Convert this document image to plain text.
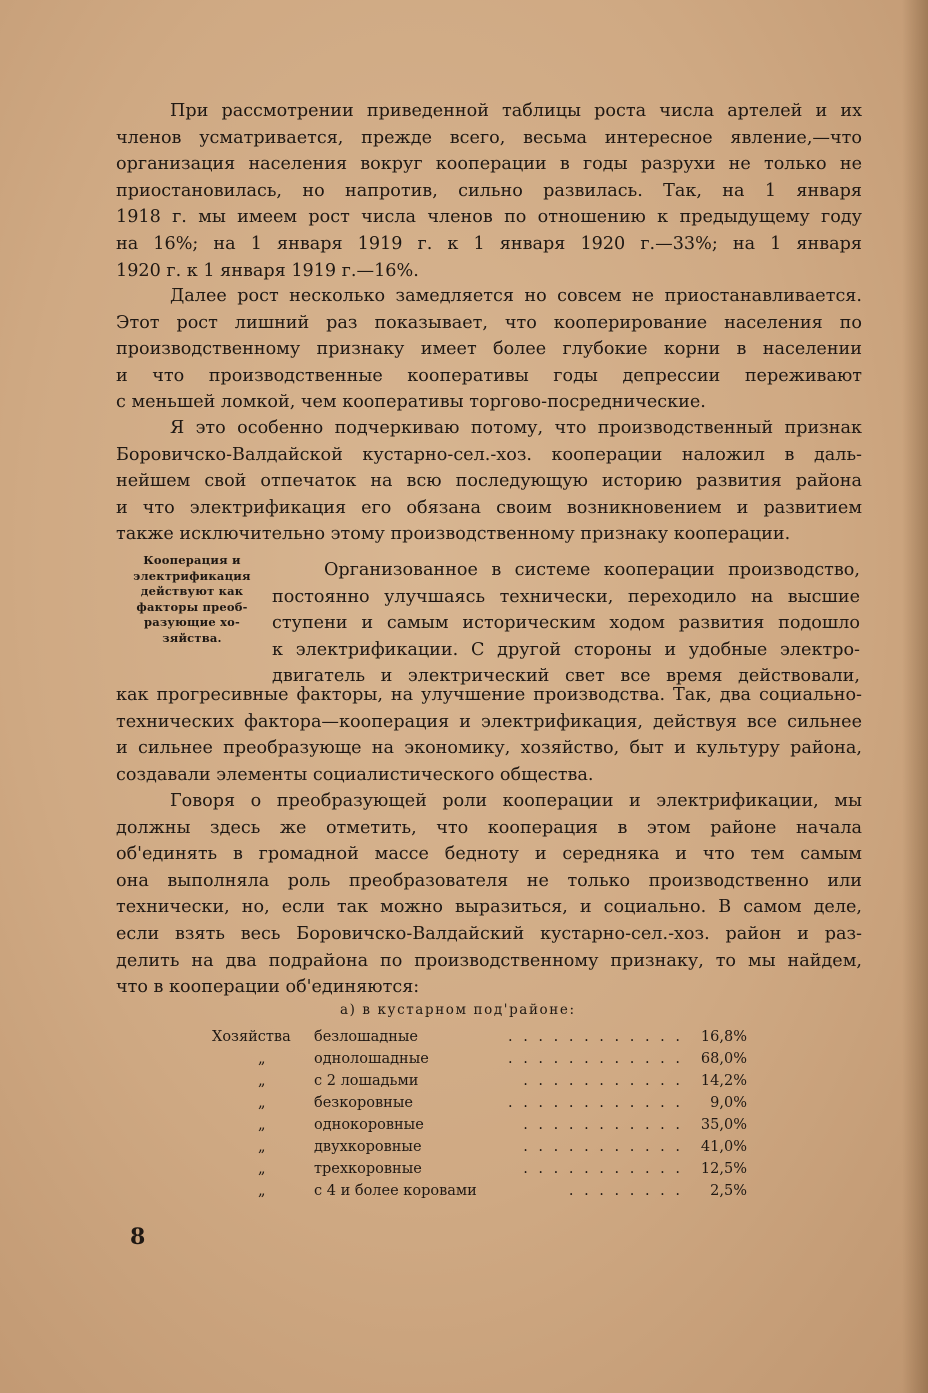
При рассмотрении приведенной таблицы роста числа артелей и их
членов усматривается, прежде всего, весьма интересное явление,—что
организация населения вокруг кооперации в годы разрухи не только не
приостановилась, но напротив, сильно развилась. Так, на 1 января
1918 г. мы имеем рост числа членов по отношению к предыдущему году
на 16%; на 1 января 1919 г. к 1 января 1920 г.—33%; на 1 января
1920 г. к 1 января 1919 г.—16%.
Далее рост несколько замедляется но совсем не приостанавливается.
Этот рост лишний раз показывает, что кооперирование населения по
производственному признаку имеет более глубокие корни в населении
и что производственные кооперативы годы депрессии переживают
с меньшей ломкой, чем кооперативы торгово-посреднические.
Я это особенно подчеркиваю потому, что производственный признак
Боровичско-Валдайской кустарно-сел.-хоз. кооперации наложил в даль-
нейшем свой отпечаток на всю последующую историю развития района
и что электрификация его обязана своим возникновением и развитием
также исключительно этому производственному признаку кооперации.
Кооперация и
электрификация
действуют как
факторы преоб-
разующие хо-
зяйства.
Организованное в системе кооперации производство,
постоянно улучшаясь технически, переходило на высшие
ступени и самым историческим ходом развития подошло
к электрификации. С другой стороны и удобные электро-
двигатель и электрический свет все время действовали,
как прогресивные факторы, на улучшение производства. Так, два социально-
технических фактора—кооперация и электрификация, действуя все сильнее
и сильнее преобразующе на экономику, хозяйство, быт и культуру района,
создавали элементы социалистического общества.
Говоря о преобразующей роли кооперации и электрификации, мы
должны здесь же отметить, что кооперация в этом районе начала
об'единять в громадной массе бедноту и середняка и что тем самым
она выполняла роль преобразователя не только производственно или
технически, но, если так можно выразиться, и социально. В самом деле,
если взять весь Боровичско-Валдайский кустарно-сел.-хоз. район и раз-
делить на два подрайона по производственному признаку, то мы найдем,
что в кооперации об'единяются:
а) в кустарном под'районе:
Хозяйства безлошадные	. . . . . . . . . . . . 16,8%
„	однолошадные	. . . . . . . . . . . . 68,0%
„	с 2 лошадьми	. . . . . . . . . . . 14,2%
„	безкоровные	. . . . . . . . . . . . 9,0%
„	однокоровные	. . . . . . . . . . . 35,0%
„	двухкоровные	. . . . . . . . . . . 41,0%
„	трехкоровные	. . . . . . . . . . . 12,5%
„	с 4 и более коровами	. . . . . . . . 2,5%
8
